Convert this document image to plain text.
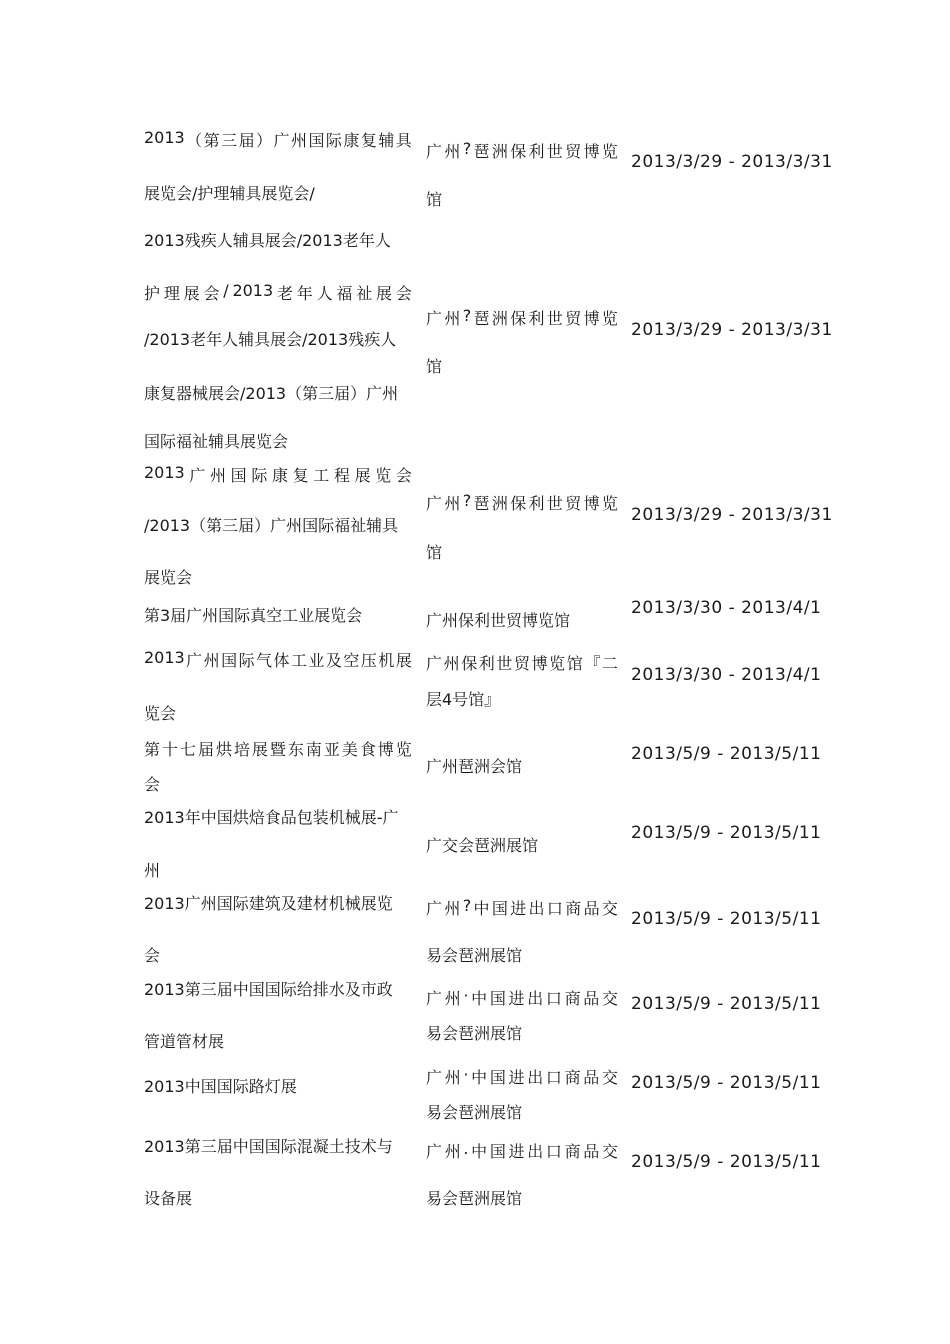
2013 （ 第 三 届 ） 广 州 国 际 康 复 辅 具
展览会/护理辅具展览会/
广 州 ? 琶 洲 保 利 世 贸 博 览
馆
2013/3/29 - 2013/3/31
2013残疾人辅具展会/2013老年人
护 理 展 会 / 2013 老 年 人 福 祉 展 会
/2013老年人辅具展会/2013残疾人
康复器械展会/2013（第三届）广州
国际福祉辅具展览会
广 州 ? 琶 洲 保 利 世 贸 博 览
馆
2013/3/29 - 2013/3/31
2013 广 州 国 际 康 复 工 程 展 览 会
/2013（第三届）广州国际福祉辅具
展览会
广 州 ? 琶 洲 保 利 世 贸 博 览
馆
2013/3/29 - 2013/3/31
第3届广州国际真空工业展览会	广州保利世贸博览馆
2013/3/30 - 2013/4/1
2013 广 州 国 际 气 体 工 业 及 空 压 机 展
览会
广 州 保 利 世 贸 博 览 馆 『 二
层4号馆』
2013/3/30 - 2013/4/1
第 十 七 届 烘 培 展 暨 东 南 亚 美 食 博 览
会
广州琶洲会馆
2013/5/9 - 2013/5/11
2013年中国烘焙食品包装机械展-广
州
广交会琶洲展馆
2013/5/9 - 2013/5/11
2013广州国际建筑及建材机械展览
会
广 州 ? 中 国 进 出 口 商 品 交
易会琶洲展馆
2013/5/9 - 2013/5/11
2013第三届中国国际给排水及市政
管道管材展
广 州 · 中 国 进 出 口 商 品 交
易会琶洲展馆
2013/5/9 - 2013/5/11
2013中国国际路灯展	广 州 · 中 国 进 出 口 商 品 交
易会琶洲展馆
2013/5/9 - 2013/5/11
2013第三届中国国际混凝土技术与
设备展
广 州 . 中 国 进 出 口 商 品 交
易会琶洲展馆
2013/5/9 - 2013/5/11
